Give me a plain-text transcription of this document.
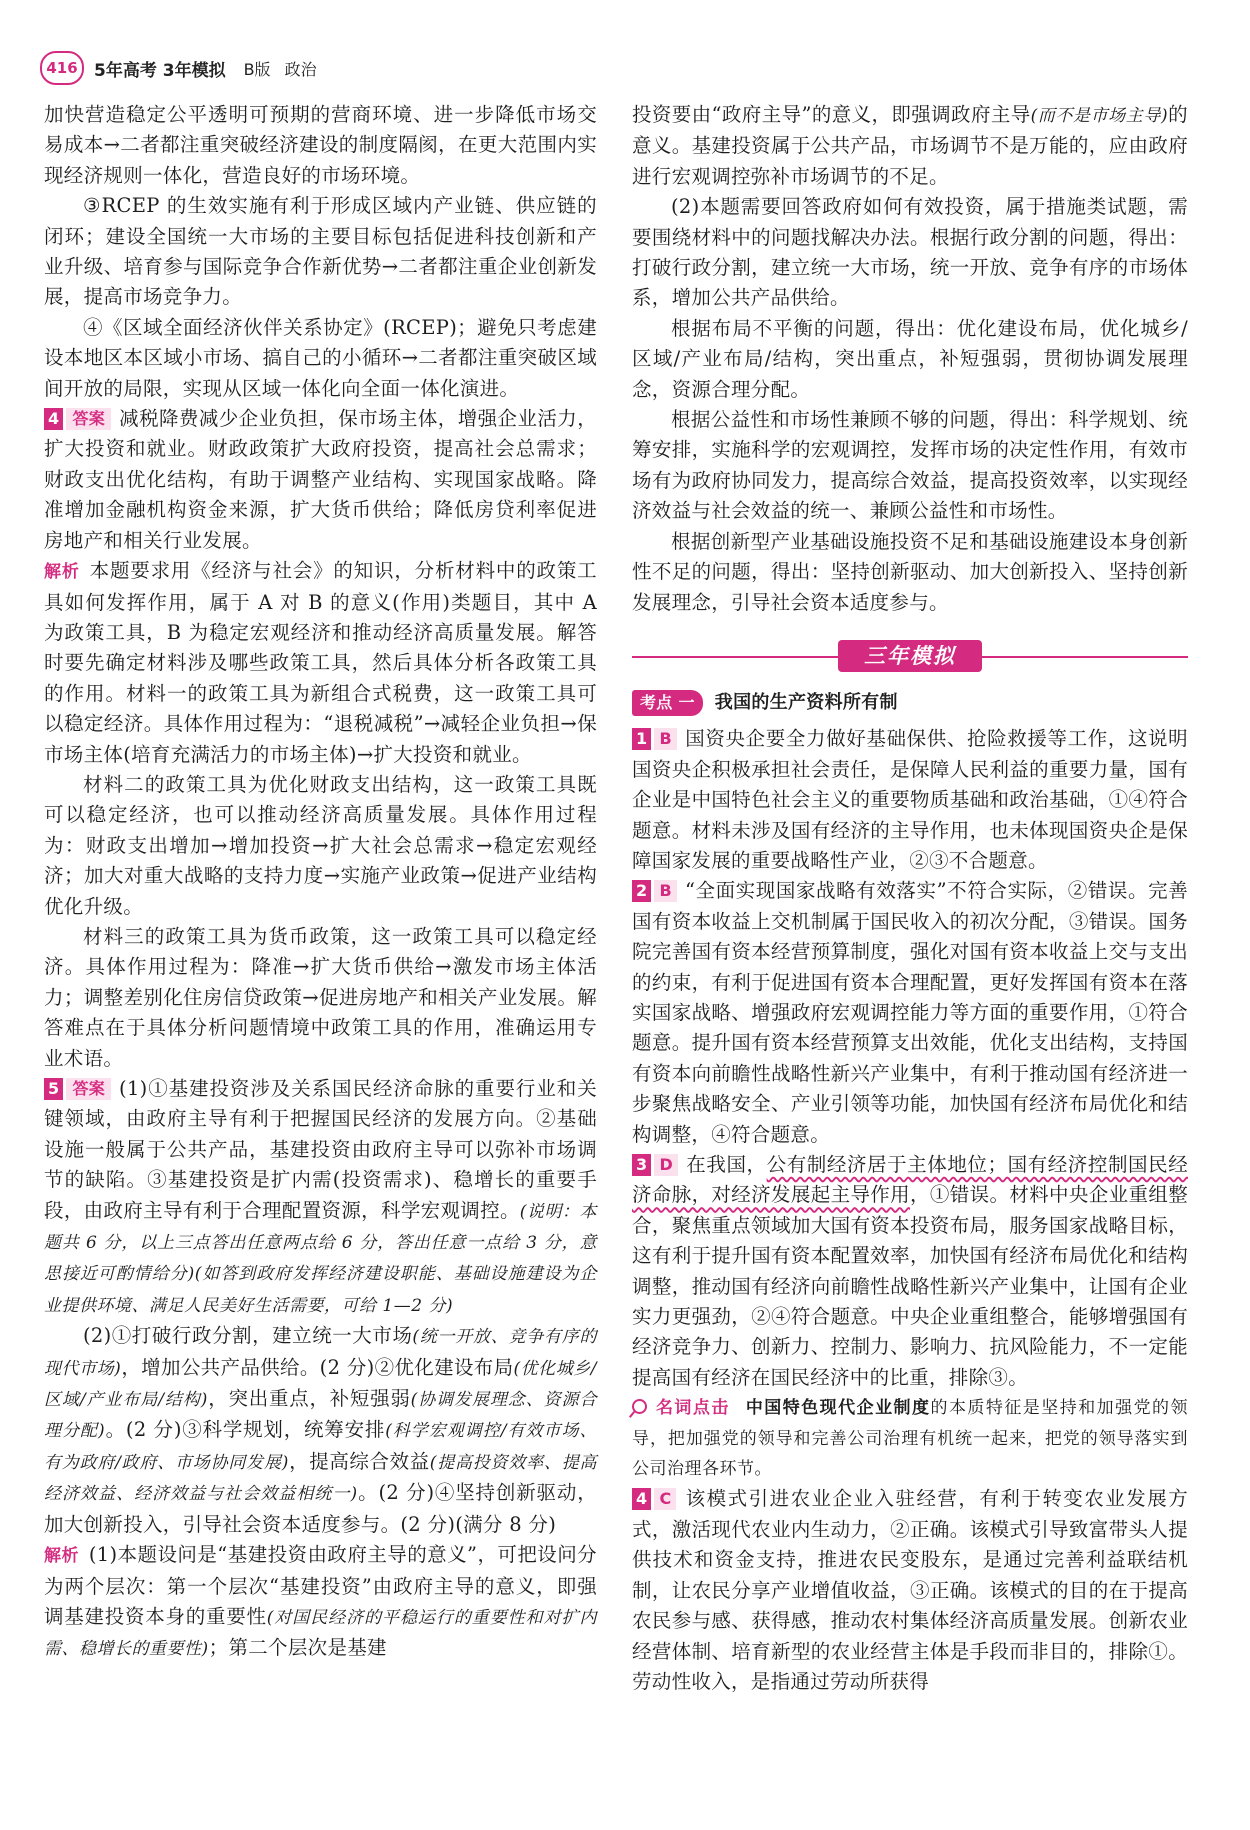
416 5年高考 3年模拟 B版 政治

加快营造稳定公平透明可预期的营商环境、进一步降低市场交易成本→二者都注重突破经济建设的制度隔阂，在更大范围内实现经济规则一体化，营造良好的市场环境。

③RCEP 的生效实施有利于形成区域内产业链、供应链的闭环；建设全国统一大市场的主要目标包括促进科技创新和产业升级、培育参与国际竞争合作新优势→二者都注重企业创新发展，提高市场竞争力。

④《区域全面经济伙伴关系协定》(RCEP)；避免只考虑建设本地区本区域小市场、搞自己的小循环→二者都注重突破区域间开放的局限，实现从区域一体化向全面一体化演进。

4 答案 减税降费减少企业负担，保市场主体，增强企业活力，扩大投资和就业。财政政策扩大政府投资，提高社会总需求；财政支出优化结构，有助于调整产业结构、实现国家战略。降准增加金融机构资金来源，扩大货币供给；降低房贷利率促进房地产和相关行业发展。

解析 本题要求用《经济与社会》的知识，分析材料中的政策工具如何发挥作用，属于 A 对 B 的意义(作用)类题目，其中 A 为政策工具，B 为稳定宏观经济和推动经济高质量发展。解答时要先确定材料涉及哪些政策工具，然后具体分析各政策工具的作用。材料一的政策工具为新组合式税费，这一政策工具可以稳定经济。具体作用过程为：“退税减税”→减轻企业负担→保市场主体(培育充满活力的市场主体)→扩大投资和就业。

材料二的政策工具为优化财政支出结构，这一政策工具既可以稳定经济，也可以推动经济高质量发展。具体作用过程为：财政支出增加→增加投资→扩大社会总需求→稳定宏观经济；加大对重大战略的支持力度→实施产业政策→促进产业结构优化升级。

材料三的政策工具为货币政策，这一政策工具可以稳定经济。具体作用过程为：降准→扩大货币供给→激发市场主体活力；调整差别化住房信贷政策→促进房地产和相关产业发展。解答难点在于具体分析问题情境中政策工具的作用，准确运用专业术语。

5 答案 (1)①基建投资涉及关系国民经济命脉的重要行业和关键领域，由政府主导有利于把握国民经济的发展方向。②基础设施一般属于公共产品，基建投资由政府主导可以弥补市场调节的缺陷。③基建投资是扩内需(投资需求)、稳增长的重要手段，由政府主导有利于合理配置资源，科学宏观调控。(说明：本题共 6 分，以上三点答出任意两点给 6 分，答出任意一点给 3 分，意思接近可酌情给分)(如答到政府发挥经济建设职能、基础设施建设为企业提供环境、满足人民美好生活需要，可给 1—2 分)

(2)①打破行政分割，建立统一大市场(统一开放、竞争有序的现代市场)，增加公共产品供给。(2 分)②优化建设布局(优化城乡/区域/产业布局/结构)，突出重点，补短强弱(协调发展理念、资源合理分配)。(2 分)③科学规划，统筹安排(科学宏观调控/有效市场、有为政府/政府、市场协同发展)，提高综合效益(提高投资效率、提高经济效益、经济效益与社会效益相统一)。(2 分)④坚持创新驱动，加大创新投入，引导社会资本适度参与。(2 分)(满分 8 分)

解析 (1)本题设问是“基建投资由政府主导的意义”，可把设问分为两个层次：第一个层次“基建投资”由政府主导的意义，即强调基建投资本身的重要性(对国民经济的平稳运行的重要性和对扩内需、稳增长的重要性)；第二个层次是基建

投资要由“政府主导”的意义，即强调政府主导(而不是市场主导)的意义。基建投资属于公共产品，市场调节不是万能的，应由政府进行宏观调控弥补市场调节的不足。

(2)本题需要回答政府如何有效投资，属于措施类试题，需要围绕材料中的问题找解决办法。根据行政分割的问题，得出：打破行政分割，建立统一大市场，统一开放、竞争有序的市场体系，增加公共产品供给。

根据布局不平衡的问题，得出：优化建设布局，优化城乡/区域/产业布局/结构，突出重点，补短强弱，贯彻协调发展理念，资源合理分配。

根据公益性和市场性兼顾不够的问题，得出：科学规划、统筹安排，实施科学的宏观调控，发挥市场的决定性作用，有效市场有为政府协同发力，提高综合效益，提高投资效率，以实现经济效益与社会效益的统一、兼顾公益性和市场性。

根据创新型产业基础设施投资不足和基础设施建设本身创新性不足的问题，得出：坚持创新驱动、加大创新投入、坚持创新发展理念，引导社会资本适度参与。

三年模拟
考点 一	我国的生产资料所有制

1 B 国资央企要全力做好基础保供、抢险救援等工作，这说明国资央企积极承担社会责任，是保障人民利益的重要力量，国有企业是中国特色社会主义的重要物质基础和政治基础，①④符合题意。材料未涉及国有经济的主导作用，也未体现国资央企是保障国家发展的重要战略性产业，②③不合题意。

2 B “全面实现国家战略有效落实”不符合实际，②错误。完善国有资本收益上交机制属于国民收入的初次分配，③错误。国务院完善国有资本经营预算制度，强化对国有资本收益上交与支出的约束，有利于促进国有资本合理配置，更好发挥国有资本在落实国家战略、增强政府宏观调控能力等方面的重要作用，①符合题意。提升国有资本经营预算支出效能，优化支出结构，支持国有资本向前瞻性战略性新兴产业集中，有利于推动国有经济进一步聚焦战略安全、产业引领等功能，加快国有经济布局优化和结构调整，④符合题意。

3 D 在我国，公有制经济居于主体地位；国有经济控制国民经济命脉，对经济发展起主导作用，①错误。材料中央企业重组整合，聚焦重点领域加大国有资本投资布局，服务国家战略目标，这有利于提升国有资本配置效率，加快国有经济布局优化和结构调整，推动国有经济向前瞻性战略性新兴产业集中，让国有企业实力更强劲，②④符合题意。中央企业重组整合，能够增强国有经济竞争力、创新力、控制力、影响力、抗风险能力，不一定能提高国有经济在国民经济中的比重，排除③。

名词点击 中国特色现代企业制度的本质特征是坚持和加强党的领导，把加强党的领导和完善公司治理有机统一起来，把党的领导落实到公司治理各环节。

4 C 该模式引进农业企业入驻经营，有利于转变农业发展方式，激活现代农业内生动力，②正确。该模式引导致富带头人提供技术和资金支持，推进农民变股东，是通过完善利益联结机制，让农民分享产业增值收益，③正确。该模式的目的在于提高农民参与感、获得感，推动农村集体经济高质量发展。创新农业经营体制、培育新型的农业经营主体是手段而非目的，排除①。劳动性收入，是指通过劳动所获得
